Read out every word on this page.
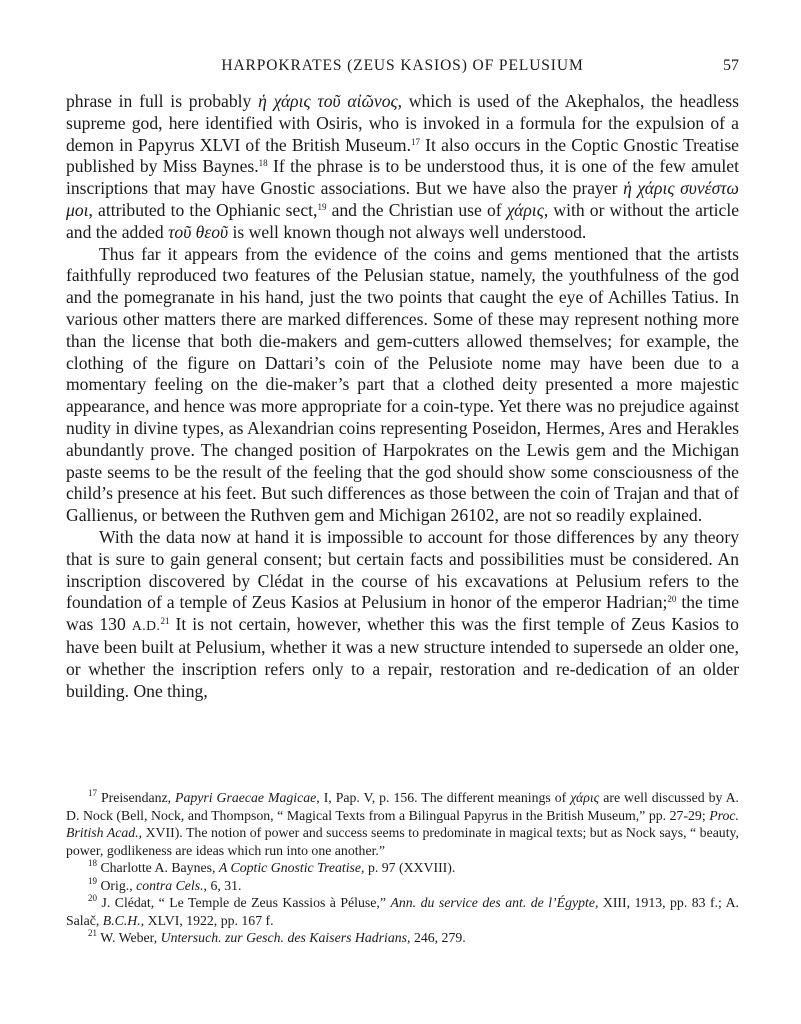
HARPOKRATES (ZEUS KASIOS) OF PELUSIUM	57

phrase in full is probably ἡ χάρις τοῦ αἰῶνος, which is used of the Akephalos, the headless supreme god, here identified with Osiris, who is invoked in a formula for the expulsion of a demon in Papyrus XLVI of the British Museum.$^{17}$ It also occurs in the Coptic Gnostic Treatise published by Miss Baynes.$^{18}$ If the phrase is to be understood thus, it is one of the few amulet inscriptions that may have Gnostic associations. But we have also the prayer ἡ χάρις συνέστω μοι, attributed to the Ophianic sect,$^{19}$ and the Christian use of χάρις, with or without the article and the added τοῦ θεοῦ is well known though not always well understood.

Thus far it appears from the evidence of the coins and gems mentioned that the artists faithfully reproduced two features of the Pelusian statue, namely, the youthfulness of the god and the pomegranate in his hand, just the two points that caught the eye of Achilles Tatius. In various other matters there are marked differences. Some of these may represent nothing more than the license that both die-makers and gem-cutters allowed themselves; for example, the clothing of the figure on Dattari’s coin of the Pelusiote nome may have been due to a momentary feeling on the die-maker’s part that a clothed deity presented a more majestic appearance, and hence was more appropriate for a coin-type. Yet there was no prejudice against nudity in divine types, as Alexandrian coins representing Poseidon, Hermes, Ares and Herakles abundantly prove. The changed position of Harpokrates on the Lewis gem and the Michigan paste seems to be the result of the feeling that the god should show some consciousness of the child’s presence at his feet. But such differences as those between the coin of Trajan and that of Gallienus, or between the Ruthven gem and Michigan 26102, are not so readily explained.

With the data now at hand it is impossible to account for those differences by any theory that is sure to gain general consent; but certain facts and possibilities must be considered. An inscription discovered by Clédat in the course of his excavations at Pelusium refers to the foundation of a temple of Zeus Kasios at Pelusium in honor of the emperor Hadrian;$^{20}$ the time was 130 A.D.$^{21}$ It is not certain, however, whether this was the first temple of Zeus Kasios to have been built at Pelusium, whether it was a new structure intended to supersede an older one, or whether the inscription refers only to a repair, restoration and re-dedication of an older building. One thing,

$^{17}$ Preisendanz, Papyri Graecae Magicae, I, Pap. V, p. 156. The different meanings of χάρις are well discussed by A. D. Nock (Bell, Nock, and Thompson, “ Magical Texts from a Bilingual Papyrus in the British Museum,” pp. 27-29; Proc. British Acad., XVII). The notion of power and success seems to predominate in magical texts; but as Nock says, “ beauty, power, godlikeness are ideas which run into one another.”

$^{18}$ Charlotte A. Baynes, A Coptic Gnostic Treatise, p. 97 (XXVIII).

$^{19}$ Orig., contra Cels., 6, 31.

$^{20}$ J. Clédat, “ Le Temple de Zeus Kassios à Péluse,” Ann. du service des ant. de l’Égypte, XIII, 1913, pp. 83 f.; A. Salač, B.C.H., XLVI, 1922, pp. 167 f.

$^{21}$ W. Weber, Untersuch. zur Gesch. des Kaisers Hadrians, 246, 279.
